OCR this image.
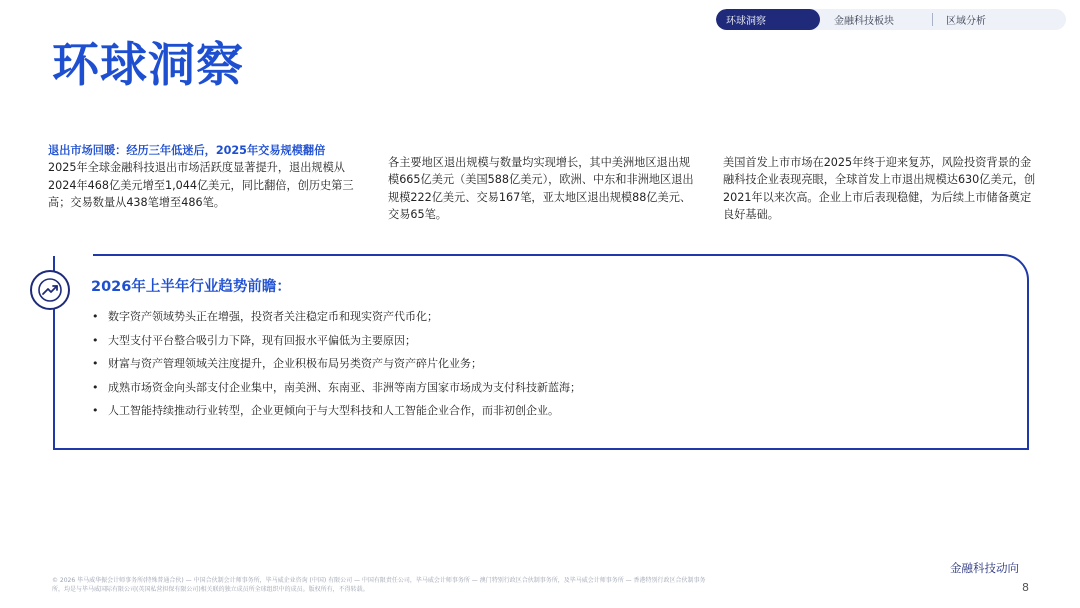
环球洞察	金融科技板块	区域分析
环球洞察
退出市场回暖：经历三年低迷后，2025年交易规模翻倍
2025年全球金融科技退出市场活跃度显著提升，退出规模从2024年468亿美元增至1,044亿美元，同比翻倍，创历史第三高；交易数量从438笔增至486笔。
各主要地区退出规模与数量均实现增长，其中美洲地区退出规模665亿美元（美国588亿美元），欧洲、中东和非洲地区退出规模222亿美元、交易167笔，亚太地区退出规模88亿美元、交易65笔。
美国首发上市市场在2025年终于迎来复苏，风险投资背景的金融科技企业表现亮眼，全球首发上市退出规模达630亿美元，创2021年以来次高。企业上市后表现稳健，为后续上市储备奠定良好基础。
2026年上半年行业趋势前瞻：
• 数字资产领域势头正在增强，投资者关注稳定币和现实资产代币化；
• 大型支付平台整合吸引力下降，现有回报水平偏低为主要原因；
• 财富与资产管理领域关注度提升，企业积极布局另类资产与资产碎片化业务；
• 成熟市场资金向头部支付企业集中，南美洲、东南亚、非洲等南方国家市场成为支付科技新蓝海；
• 人工智能持续推动行业转型，企业更倾向于与大型科技和人工智能企业合作，而非初创企业。
© 2026 毕马威华振会计师事务所(特殊普通合伙) — 中国合伙制会计师事务所，毕马威企业咨询 (中国) 有限公司 — 中国有限责任公司，毕马威会计师事务所 — 澳门特别行政区合伙制事务所，及毕马威会计师事务所 — 香港特别行政区合伙制事务所，均是与毕马威国际有限公司(英国私营担保有限公司)相关联的独立成员所全球组织中的成员。版权所有，不得转载。
金融科技动向
8
